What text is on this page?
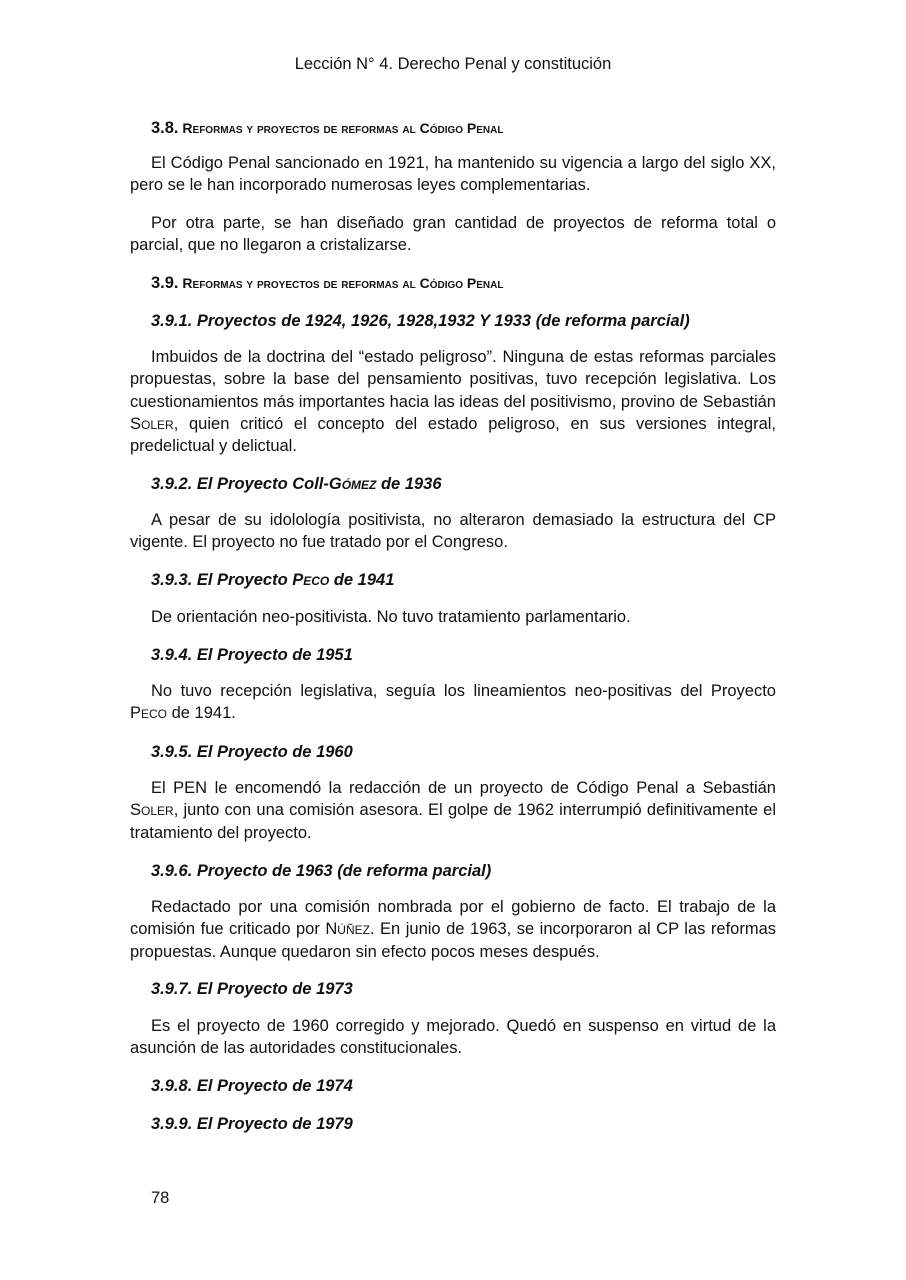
Lección N° 4. Derecho Penal y constitución

3.8. Reformas y proyectos de reformas al Código Penal

El Código Penal sancionado en 1921, ha mantenido su vigencia a largo del siglo XX, pero se le han incorporado numerosas leyes complementarias.

Por otra parte, se han diseñado gran cantidad de proyectos de reforma total o parcial, que no llegaron a cristalizarse.

3.9. Reformas y proyectos de reformas al Código Penal

3.9.1. Proyectos de 1924, 1926, 1928,1932 Y 1933 (de reforma parcial)

Imbuidos de la doctrina del “estado peligroso”. Ninguna de estas reformas parciales propuestas, sobre la base del pensamiento positivas, tuvo recepción legislativa. Los cuestionamientos más importantes hacia las ideas del positivismo, provino de Sebastián Soler, quien criticó el concepto del estado peligroso, en sus versiones integral, predelictual y delictual.

3.9.2. El Proyecto Coll-Gómez de 1936

A pesar de su idolología positivista, no alteraron demasiado la estructura del CP vigente. El proyecto no fue tratado por el Congreso.

3.9.3. El Proyecto Peco de 1941

De orientación neo-positivista. No tuvo tratamiento parlamentario.

3.9.4. El Proyecto de 1951

No tuvo recepción legislativa, seguía los lineamientos neo-positivas del Proyecto Peco de 1941.

3.9.5. El Proyecto de 1960

El PEN le encomendó la redacción de un proyecto de Código Penal a Sebastián Soler, junto con una comisión asesora. El golpe de 1962 interrumpió definitivamente el tratamiento del proyecto.

3.9.6. Proyecto de 1963 (de reforma parcial)

Redactado por una comisión nombrada por el gobierno de facto. El trabajo de la comisión fue criticado por Núñez. En junio de 1963, se incorporaron al CP las reformas propuestas. Aunque quedaron sin efecto pocos meses después.

3.9.7. El Proyecto de 1973

Es el proyecto de 1960 corregido y mejorado. Quedó en suspenso en virtud de la asunción de las autoridades constitucionales.

3.9.8. El Proyecto de 1974

3.9.9. El Proyecto de 1979

78
